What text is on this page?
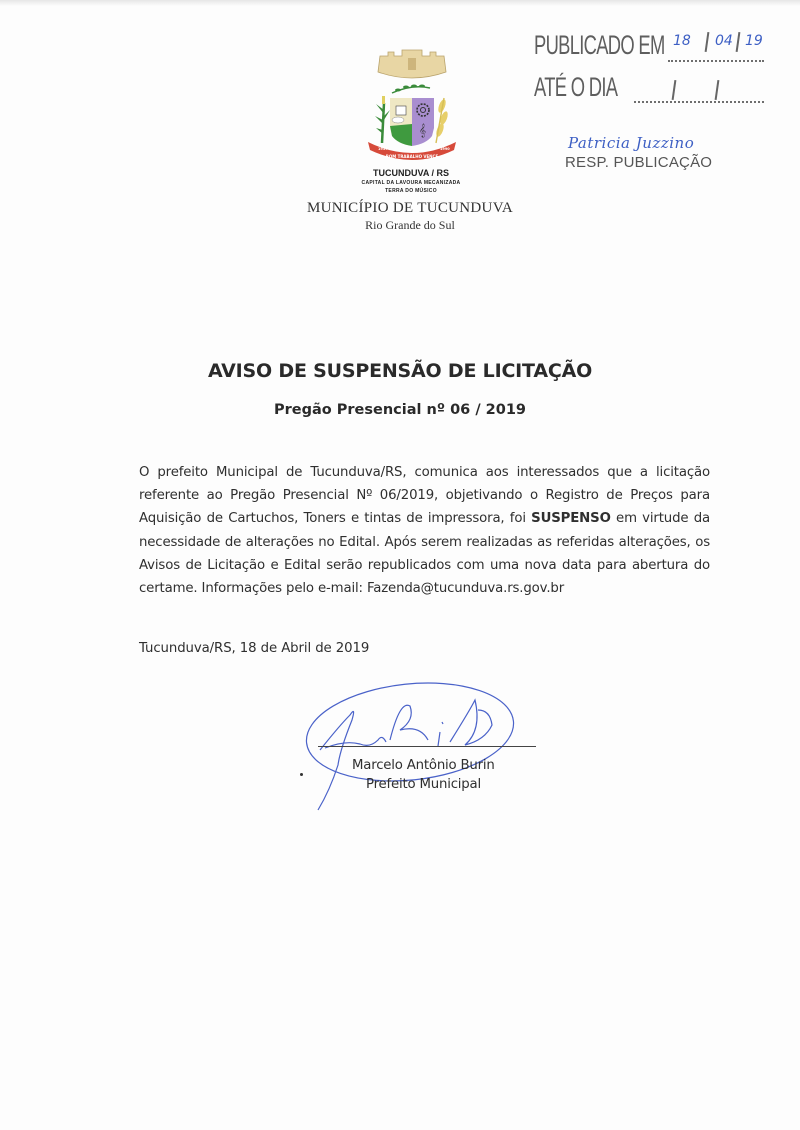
𝄞
BOM TRABALHO VENCE
1959	1990
TUCUNDUVA / RS
CAPITAL DA LAVOURA MECANIZADA
TERRA DO MÚSICO
MUNICÍPIO DE TUCUNDUVA
Rio Grande do Sul
PUBLICADO EM
ATÉ O DIA
18 04 19
Patricia Juzzino
RESP. PUBLICAÇÃO
AVISO DE SUSPENSÃO DE LICITAÇÃO
Pregão Presencial nº 06 / 2019
O prefeito Municipal de Tucunduva/RS, comunica aos interessados que a licitação referente ao Pregão Presencial Nº 06/2019, objetivando o Registro de Preços para Aquisição de Cartuchos, Toners e tintas de impressora, foi SUSPENSO em virtude da necessidade de alterações no Edital. Após serem realizadas as referidas alterações, os Avisos de Licitação e Edital serão republicados com uma nova data para abertura do certame. Informações pelo e-mail: Fazenda@tucunduva.rs.gov.br
Tucunduva/RS, 18 de Abril de 2019
Marcelo Antônio Burin
Prefeito Municipal
